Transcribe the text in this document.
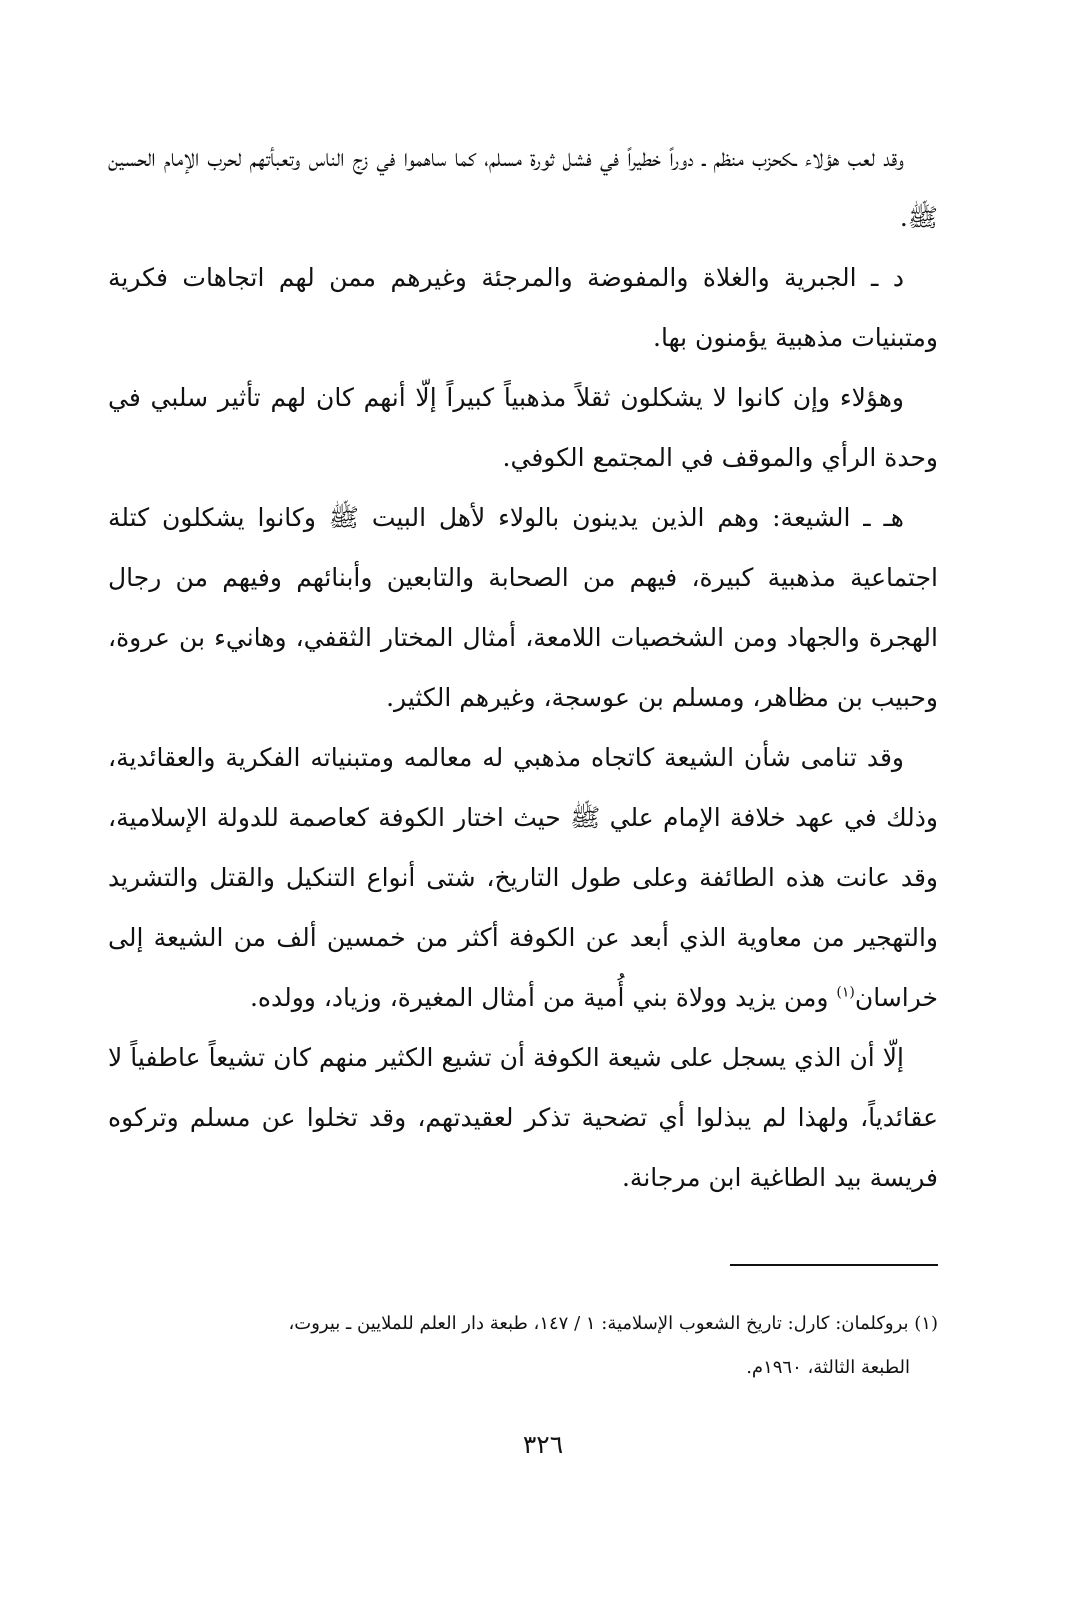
وقد لعب هؤلاء ـكحزب منظم ـ دوراً خطيراً في فشل ثورة مسلم، كما ساهموا في زج الناس وتعبأتهم لحرب الإمام الحسين ﷺ.

د ـ الجبرية والغلاة والمفوضة والمرجئة وغيرهم ممن لهم اتجاهات فكرية ومتبنيات مذهبية يؤمنون بها.

وهؤلاء وإن كانوا لا يشكلون ثقلاً مذهبياً كبيراً إلّا أنهم كان لهم تأثير سلبي في وحدة الرأي والموقف في المجتمع الكوفي.

هـ ـ الشيعة: وهم الذين يدينون بالولاء لأهل البيت ﷺ وكانوا يشكلون كتلة اجتماعية مذهبية كبيرة، فيهم من الصحابة والتابعين وأبنائهم وفيهم من رجال الهجرة والجهاد ومن الشخصيات اللامعة، أمثال المختار الثقفي، وهانيء بن عروة، وحبيب بن مظاهر، ومسلم بن عوسجة، وغيرهم الكثير.

وقد تنامى شأن الشيعة كاتجاه مذهبي له معالمه ومتبنياته الفكرية والعقائدية، وذلك في عهد خلافة الإمام علي ﷺ حيث اختار الكوفة كعاصمة للدولة الإسلامية، وقد عانت هذه الطائفة وعلى طول التاريخ، شتى أنواع التنكيل والقتل والتشريد والتهجير من معاوية الذي أبعد عن الكوفة أكثر من خمسين ألف من الشيعة إلى خراسان$^{(١)}$ ومن يزيد وولاة بني أُمية من أمثال المغيرة، وزياد، وولده.

إلّا أن الذي يسجل على شيعة الكوفة أن تشيع الكثير منهم كان تشيعاً عاطفياً لا عقائدياً، ولهذا لم يبذلوا أي تضحية تذكر لعقيدتهم، وقد تخلوا عن مسلم وتركوه فريسة بيد الطاغية ابن مرجانة.

(١) بروكلمان: كارل: تاريخ الشعوب الإسلامية: ١ / ١٤٧، طبعة دار العلم للملايين ـ بيروت،

الطبعة الثالثة، ١٩٦٠م.

٣٢٦
